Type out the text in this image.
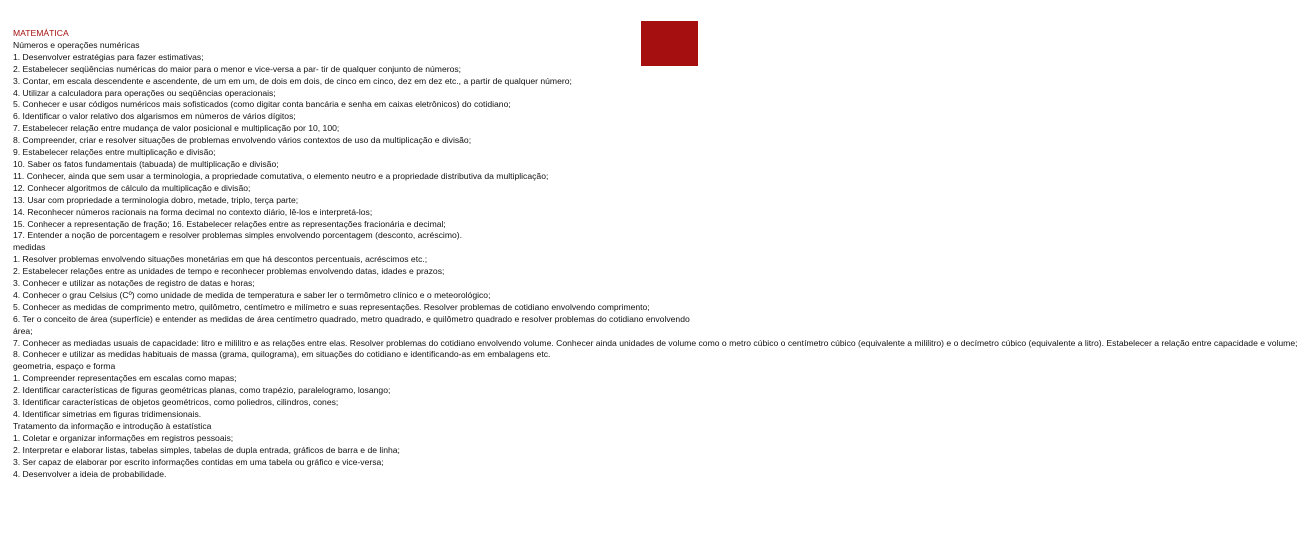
MATEMÁTICA
Números e operações numéricas
1. Desenvolver estratégias para fazer estimativas;
2. Estabelecer seqüências numéricas do maior para o menor e vice-versa a par- tir de qualquer conjunto de números;
3. Contar, em escala descendente e ascendente, de um em um, de dois em dois, de cinco em cinco, dez em dez etc., a partir de qualquer número;
4. Utilizar a calculadora para operações ou seqüências operacionais;
5. Conhecer e usar códigos numéricos mais sofisticados (como digitar conta bancária e senha em caixas eletrônicos) do cotidiano;
6. Identificar o valor relativo dos algarismos em números de vários dígitos;
7. Estabelecer relação entre mudança de valor posicional e multiplicação por 10, 100;
8. Compreender, criar e resolver situações de problemas envolvendo vários contextos de uso da multiplicação e divisão;
9. Estabelecer relações entre multiplicação e divisão;
10. Saber os fatos fundamentais (tabuada) de multiplicação e divisão;
11. Conhecer, ainda que sem usar a terminologia, a propriedade comutativa, o elemento neutro e a propriedade distributiva da multiplicação;
12. Conhecer algoritmos de cálculo da multiplicação e divisão;
13. Usar com propriedade a terminologia dobro, metade, triplo, terça parte;
14. Reconhecer números racionais na forma decimal no contexto diário, lê-los e interpretá-los;
15. Conhecer a representação de fração; 16. Estabelecer relações entre as representações fracionária e decimal;
17. Entender a noção de porcentagem e resolver problemas simples envolvendo porcentagem (desconto, acréscimo).
medidas
1. Resolver problemas envolvendo situações monetárias em que há descontos percentuais, acréscimos etc.;
2. Estabelecer relações entre as unidades de tempo e reconhecer problemas envolvendo datas, idades e prazos;
3. Conhecer e utilizar as notações de registro de datas e horas;
4. Conhecer o grau Celsius (Cº) como unidade de medida de temperatura e saber ler o termômetro clínico e o meteorológico;
5. Conhecer as medidas de comprimento metro, quilômetro, centímetro e milímetro e suas representações. Resolver problemas de cotidiano envolvendo comprimento;
6. Ter o conceito de área (superfície) e entender as medidas de área centímetro quadrado, metro quadrado, e quilômetro quadrado e resolver problemas do cotidiano envolvendo área;
7. Conhecer as mediadas usuais de capacidade: litro e mililitro e as relações entre elas. Resolver problemas do cotidiano envolvendo volume. Conhecer ainda unidades de volume como o metro cúbico o centímetro cúbico (equivalente a mililitro) e o decímetro cúbico (equivalente a litro). Estabelecer a relação entre capacidade e volume;
8. Conhecer e utilizar as medidas habituais de massa (grama, quilograma), em situações do cotidiano e identificando-as em embalagens etc.
geometria, espaço e forma
1. Compreender representações em escalas como mapas;
2. Identificar características de figuras geométricas planas, como trapézio, paralelogramo, losango;
3. Identificar características de objetos geométricos, como poliedros, cilindros, cones;
4. Identificar simetrias em figuras tridimensionais.
Tratamento da informação e introdução à estatística
1. Coletar e organizar informações em registros pessoais;
2. Interpretar e elaborar listas, tabelas simples, tabelas de dupla entrada, gráficos de barra e de linha;
3. Ser capaz de elaborar por escrito informações contidas em uma tabela ou gráfico e vice-versa;
4. Desenvolver a ideia de probabilidade.
